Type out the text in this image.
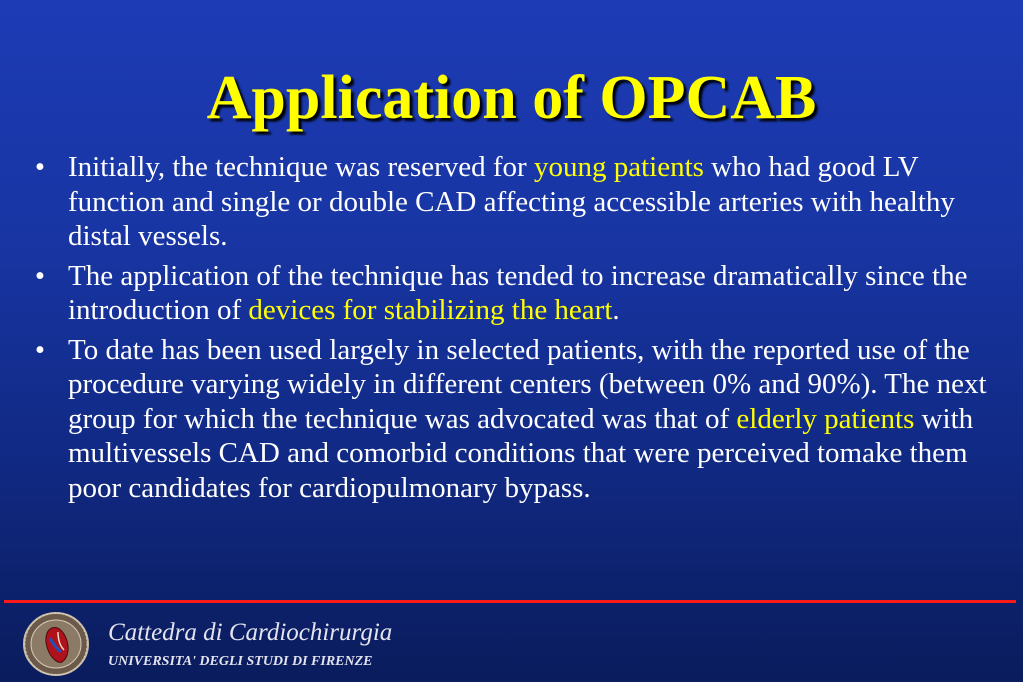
Application of OPCAB
• Initially, the technique was reserved for young patients who had good LV function and single or double CAD affecting accessible arteries with healthy distal vessels.
• The application of the technique has tended to increase dramatically since the introduction of devices for stabilizing the heart.
• To date has been used largely in selected patients, with the reported use of the procedure varying widely in different centers (between 0% and 90%). The next group for which the technique was advocated was that of elderly patients with multivessels CAD and comorbid conditions that were perceived tomake them poor candidates for cardiopulmonary bypass.
Cattedra di Cardiochirurgia
UNIVERSITA' DEGLI STUDI DI FIRENZE
